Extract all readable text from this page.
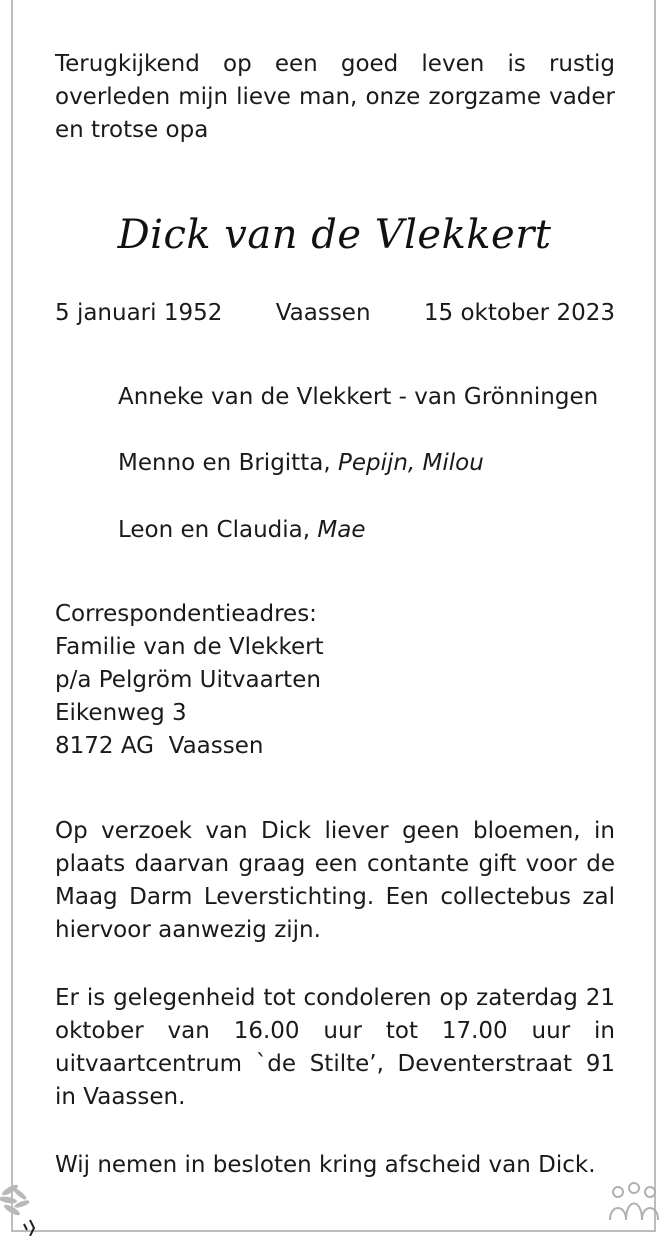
Terugkijkend op een goed leven is rustig overleden mijn lieve man, onze zorgzame vader en trotse opa
Dick van de Vlekkert
5 januari 1952 Vaassen 15 oktober 2023
Anneke van de Vlekkert - van Grönningen
Menno en Brigitta, Pepijn, Milou
Leon en Claudia, Mae
Correspondentieadres:
Familie van de Vlekkert
p/a Pelgröm Uitvaarten
Eikenweg 3
8172 AG  Vaassen
Op verzoek van Dick liever geen bloemen, in plaats daarvan graag een contante gift voor de Maag Darm Leverstichting. Een collectebus zal hiervoor aanwezig zijn.
Er is gelegenheid tot condoleren op zaterdag 21 oktober van 16.00 uur tot 17.00 uur in uitvaartcentrum `de Stilte’, Deventerstraat 91 in Vaassen.
Wij nemen in besloten kring afscheid van Dick.
